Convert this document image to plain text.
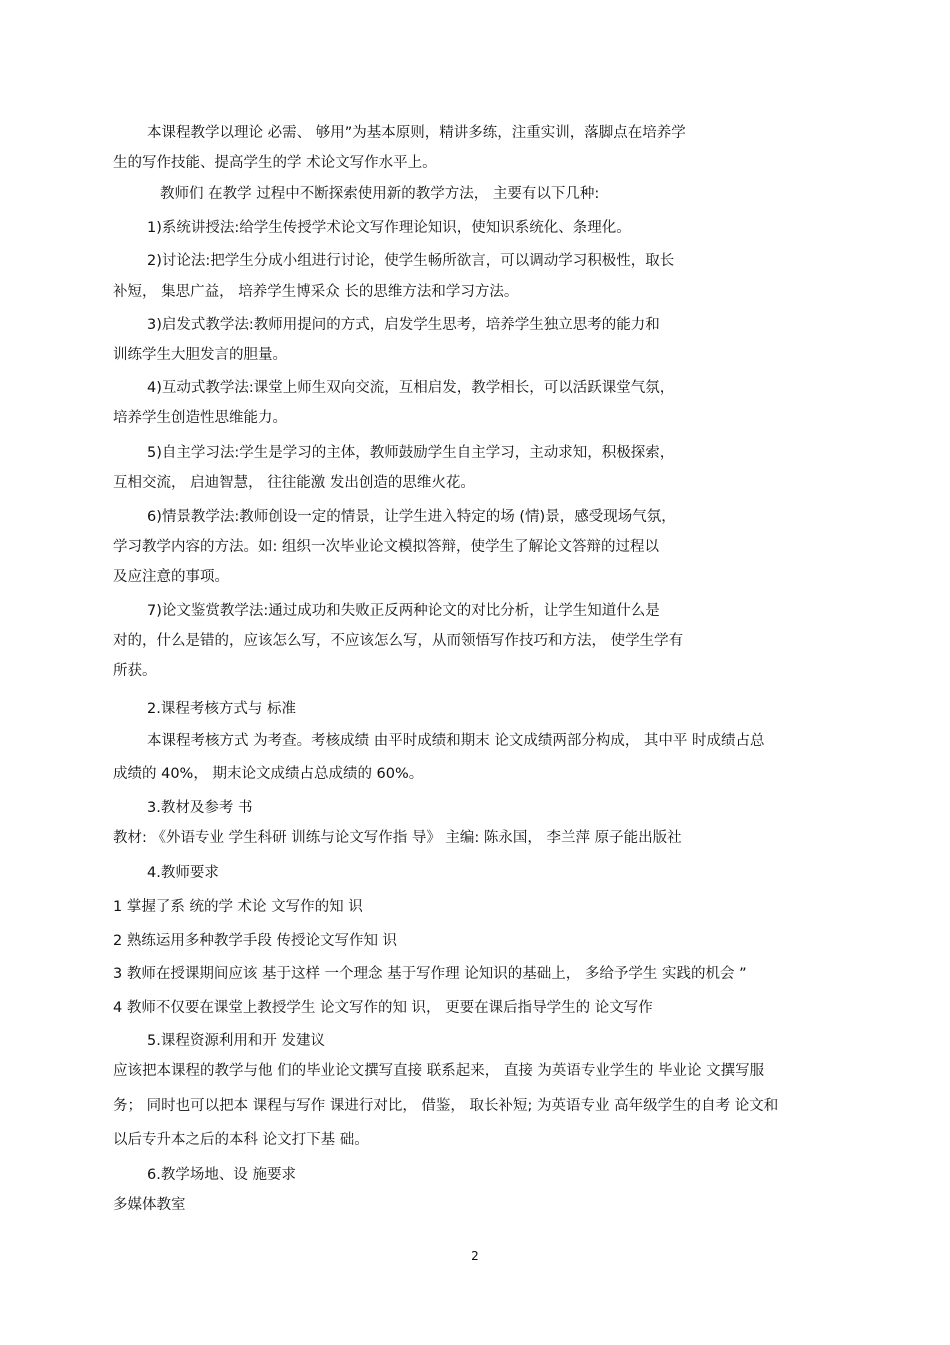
本课程教学以理论 必需、 够用”为基本原则，精讲多练，注重实训，落脚点在培养学

生的写作技能、提高学生的学 术论文写作水平上。

教师们 在教学 过程中不断探索使用新的教学方法， 主要有以下几种:

1)系统讲授法:给学生传授学术论文写作理论知识，使知识系统化、条理化。

2)讨论法:把学生分成小组进行讨论，使学生畅所欲言，可以调动学习积极性，取长

补短， 集思广益， 培养学生博采众 长的思维方法和学习方法。

3)启发式教学法:教师用提问的方式，启发学生思考，培养学生独立思考的能力和

训练学生大胆发言的胆量。

4)互动式教学法:课堂上师生双向交流，互相启发，教学相长，可以活跃课堂气氛，

培养学生创造性思维能力。

5)自主学习法:学生是学习的主体，教师鼓励学生自主学习，主动求知，积极探索，

互相交流， 启迪智慧， 往往能激 发出创造的思维火花。

6)情景教学法:教师创设一定的情景，让学生进入特定的场 (情)景，感受现场气氛，

学习教学内容的方法。如: 组织一次毕业论文模拟答辩，使学生了解论文答辩的过程以

及应注意的事项。

7)论文鉴赏教学法:通过成功和失败正反两种论文的对比分析，让学生知道什么是

对的，什么是错的，应该怎么写，不应该怎么写，从而领悟写作技巧和方法， 使学生学有

所获。

2.课程考核方式与 标准

本课程考核方式 为考查。考核成绩 由平时成绩和期末 论文成绩两部分构成， 其中平 时成绩占总

成绩的 40%， 期末论文成绩占总成绩的 60%。

3.教材及参考 书

教材: 《外语专业 学生科研 训练与论文写作指 导》 主编: 陈永国， 李兰萍 原子能出版社

4.教师要求

1 掌握了系 统的学 术论 文写作的知 识

2 熟练运用多种教学手段 传授论文写作知 识

3 教师在授课期间应该 基于这样 一个理念 基于写作理 论知识的基础上， 多给予学生 实践的机会 ”

4 教师不仅要在课堂上教授学生 论文写作的知 识， 更要在课后指导学生的 论文写作

5.课程资源利用和开 发建议

应该把本课程的教学与他 们的毕业论文撰写直接 联系起来， 直接 为英语专业学生的 毕业论 文撰写服

务； 同时也可以把本 课程与写作 课进行对比， 借鉴， 取长补短; 为英语专业 高年级学生的自考 论文和

以后专升本之后的本科 论文打下基 础。

6.教学场地、设 施要求

多媒体教室

2
